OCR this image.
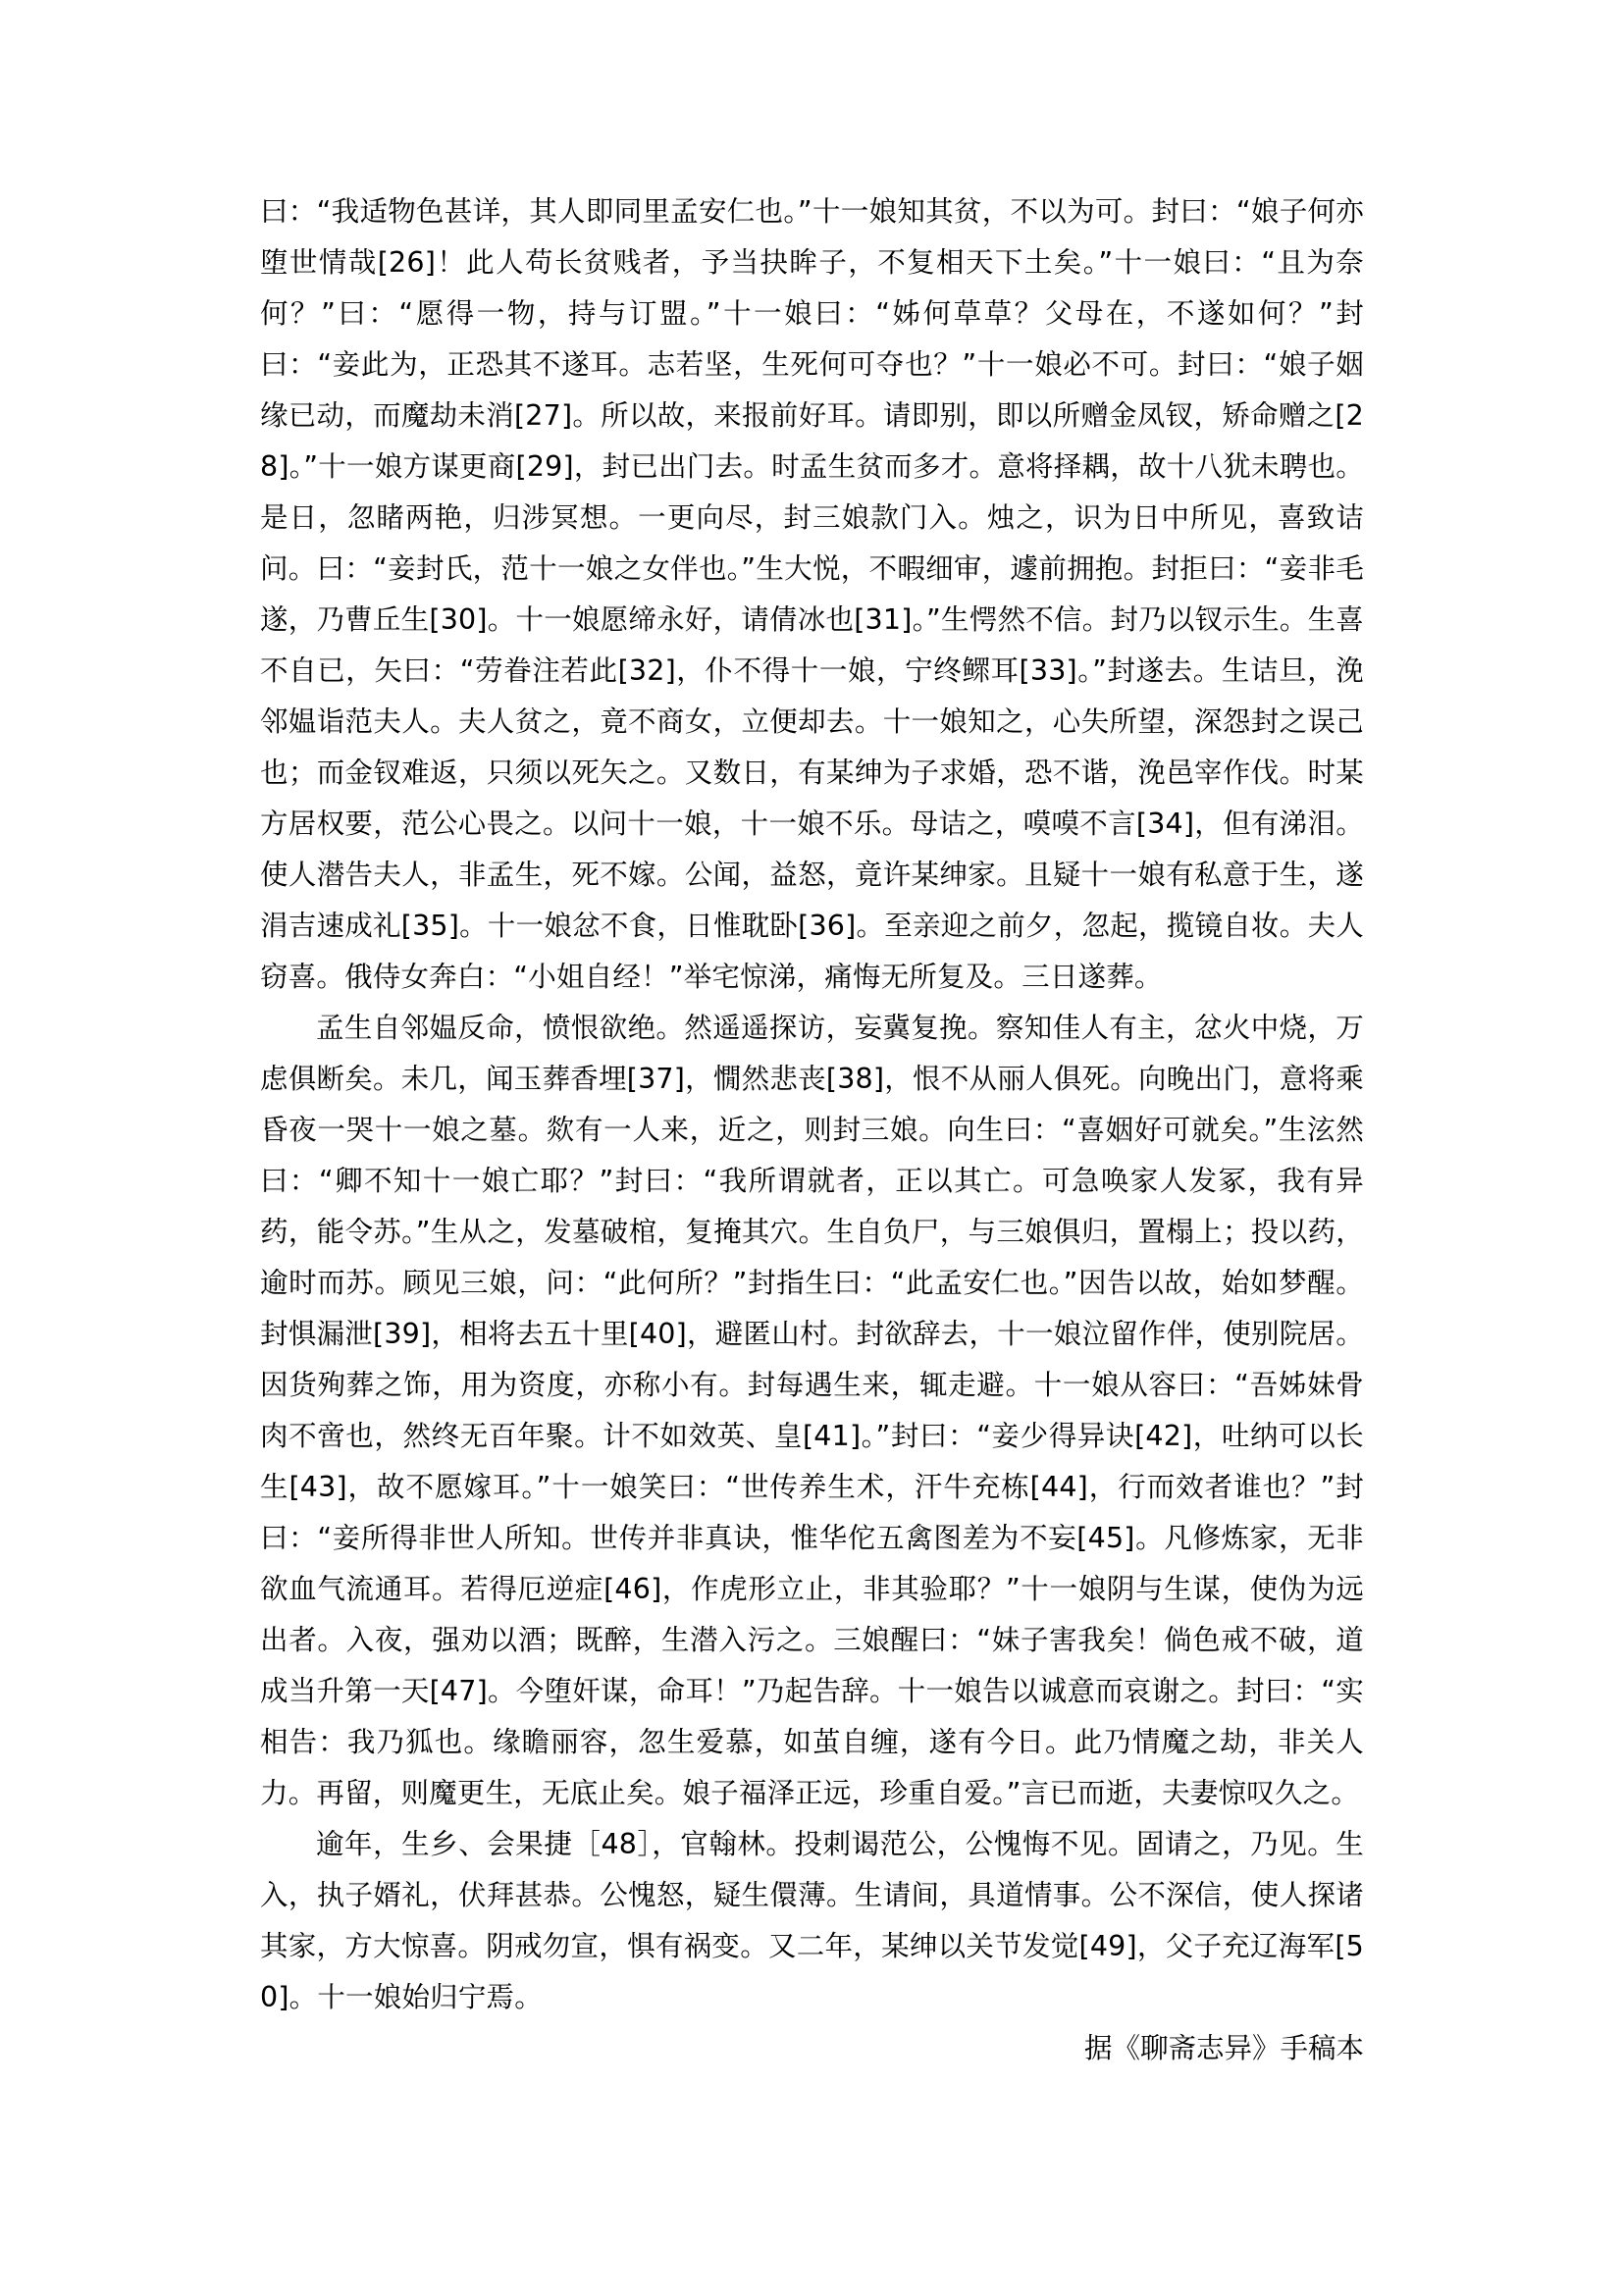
曰：“我适物色甚详，其人即同里孟安仁也。”十一娘知其贫，不以为可。封曰：“娘子何亦堕世情哉[26]！此人苟长贫贱者，予当抉眸子，不复相天下土矣。”十一娘曰：“且为奈何？”曰：“愿得一物，持与订盟。”十一娘曰：“姊何草草？父母在，不遂如何？”封曰：“妾此为，正恐其不遂耳。志若坚，生死何可夺也？”十一娘必不可。封曰：“娘子姻缘已动，而魔劫未消[27]。所以故，来报前好耳。请即别，即以所赠金凤钗，矫命赠之[28]。”十一娘方谋更商[29]，封已出门去。时孟生贫而多才。意将择耦，故十八犹未聘也。是日，忽睹两艳，归涉冥想。一更向尽，封三娘款门入。烛之，识为日中所见，喜致诘问。曰：“妾封氏，范十一娘之女伴也。”生大悦，不暇细审，遽前拥抱。封拒曰：“妾非毛遂，乃曹丘生[30]。十一娘愿缔永好，请倩冰也[31]。”生愕然不信。封乃以钗示生。生喜不自已，矢曰：“劳眷注若此[32]，仆不得十一娘，宁终鳏耳[33]。”封遂去。生诘旦，浼邻媪诣范夫人。夫人贫之，竟不商女，立便却去。十一娘知之，心失所望，深怨封之误己也；而金钗难返，只须以死矢之。又数日，有某绅为子求婚，恐不谐，浼邑宰作伐。时某方居权要，范公心畏之。以问十一娘，十一娘不乐。母诘之，嗼嗼不言[34]，但有涕泪。使人潜告夫人，非孟生，死不嫁。公闻，益怒，竟许某绅家。且疑十一娘有私意于生，遂涓吉速成礼[35]。十一娘忿不食，日惟耽卧[36]。至亲迎之前夕，忽起，揽镜自妆。夫人窃喜。俄侍女奔白：“小姐自经！”举宅惊涕，痛悔无所复及。三日遂葬。

孟生自邻媪反命，愤恨欲绝。然遥遥探访，妄冀复挽。察知佳人有主，忿火中烧，万虑俱断矣。未几，闻玉葬香埋[37]，憪然悲丧[38]，恨不从丽人俱死。向晚出门，意将乘昏夜一哭十一娘之墓。欻有一人来，近之，则封三娘。向生曰：“喜姻好可就矣。”生泫然曰：“卿不知十一娘亡耶？”封曰：“我所谓就者，正以其亡。可急唤家人发冢，我有异药，能令苏。”生从之，发墓破棺，复掩其穴。生自负尸，与三娘俱归，置榻上；投以药，逾时而苏。顾见三娘，问：“此何所？”封指生曰：“此孟安仁也。”因告以故，始如梦醒。封惧漏泄[39]，相将去五十里[40]，避匿山村。封欲辞去，十一娘泣留作伴，使别院居。因货殉葬之饰，用为资度，亦称小有。封每遇生来，辄走避。十一娘从容曰：“吾姊妹骨肉不啻也，然终无百年聚。计不如效英、皇[41]。”封曰：“妾少得异诀[42]，吐纳可以长生[43]，故不愿嫁耳。”十一娘笑曰：“世传养生术，汗牛充栋[44]，行而效者谁也？”封曰：“妾所得非世人所知。世传并非真诀，惟华佗五禽图差为不妄[45]。凡修炼家，无非欲血气流通耳。若得厄逆症[46]，作虎形立止，非其验耶？”十一娘阴与生谋，使伪为远出者。入夜，强劝以酒；既醉，生潜入污之。三娘醒曰：“妹子害我矣！倘色戒不破，道成当升第一天[47]。今堕奸谋，命耳！”乃起告辞。十一娘告以诚意而哀谢之。封曰：“实相告：我乃狐也。缘瞻丽容，忽生爱慕，如茧自缠，遂有今日。此乃情魔之劫，非关人力。再留，则魔更生，无底止矣。娘子福泽正远，珍重自爱。”言已而逝，夫妻惊叹久之。

逾年，生乡、会果捷［48］，官翰林。投刺谒范公，公愧悔不见。固请之，乃见。生入，执子婿礼，伏拜甚恭。公愧怒，疑生儇薄。生请间，具道情事。公不深信，使人探诸其家，方大惊喜。阴戒勿宣，惧有祸变。又二年，某绅以关节发觉[49]，父子充辽海军[50]。十一娘始归宁焉。

据《聊斋志异》手稿本
